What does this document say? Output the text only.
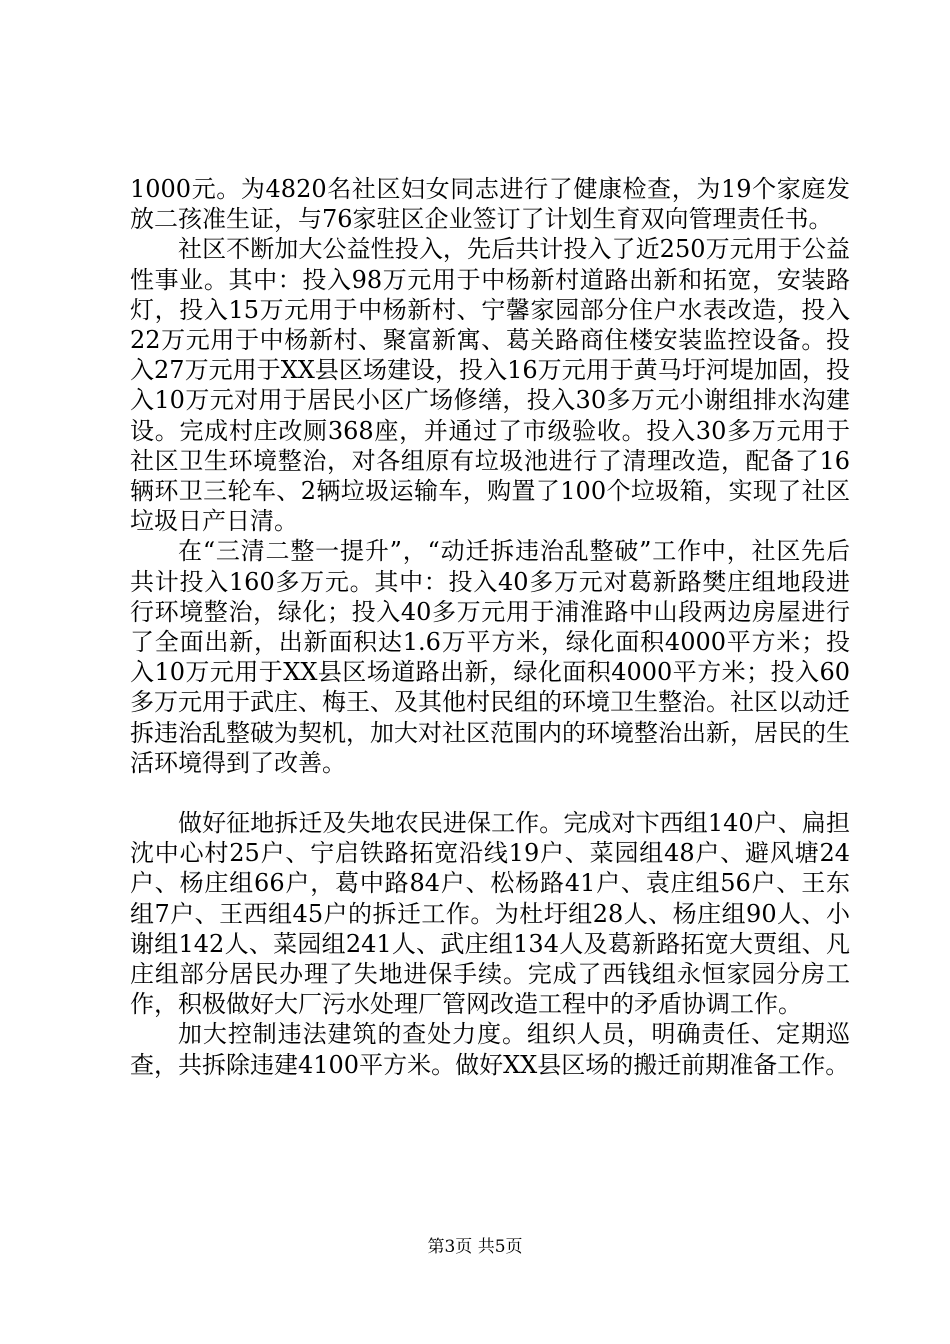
1000元。为4820名社区妇女同志进行了健康检查，为19个家庭发放二孩准生证，与76家驻区企业签订了计划生育双向管理责任书。

社区不断加大公益性投入，先后共计投入了近250万元用于公益性事业。其中：投入98万元用于中杨新村道路出新和拓宽，安装路灯，投入15万元用于中杨新村、宁馨家园部分住户水表改造，投入22万元用于中杨新村、聚富新寓、葛关路商住楼安装监控设备。投入27万元用于XX县区场建设，投入16万元用于黄马圩河堤加固，投入10万元对用于居民小区广场修缮，投入30多万元小谢组排水沟建设。完成村庄改厕368座，并通过了市级验收。投入30多万元用于社区卫生环境整治，对各组原有垃圾池进行了清理改造，配备了16辆环卫三轮车、2辆垃圾运输车，购置了100个垃圾箱，实现了社区垃圾日产日清。

在“三清二整一提升”，“动迁拆违治乱整破”工作中，社区先后共计投入160多万元。其中：投入40多万元对葛新路樊庄组地段进行环境整治，绿化；投入40多万元用于浦淮路中山段两边房屋进行了全面出新，出新面积达1.6万平方米，绿化面积4000平方米；投入10万元用于XX县区场道路出新，绿化面积4000平方米；投入60多万元用于武庄、梅王、及其他村民组的环境卫生整治。社区以动迁拆违治乱整破为契机，加大对社区范围内的环境整治出新，居民的生活环境得到了改善。

做好征地拆迁及失地农民进保工作。完成对卞西组140户、扁担沈中心村25户、宁启铁路拓宽沿线19户、菜园组48户、避风塘24户、杨庄组66户，葛中路84户、松杨路41户、袁庄组56户、王东组7户、王西组45户的拆迁工作。为杜圩组28人、杨庄组90人、小谢组142人、菜园组241人、武庄组134人及葛新路拓宽大贾组、凡庄组部分居民办理了失地进保手续。完成了西钱组永恒家园分房工作，积极做好大厂污水处理厂管网改造工程中的矛盾协调工作。

加大控制违法建筑的查处力度。组织人员，明确责任、定期巡查，共拆除违建4100平方米。做好XX县区场的搬迁前期准备工作。

第3页 共5页
